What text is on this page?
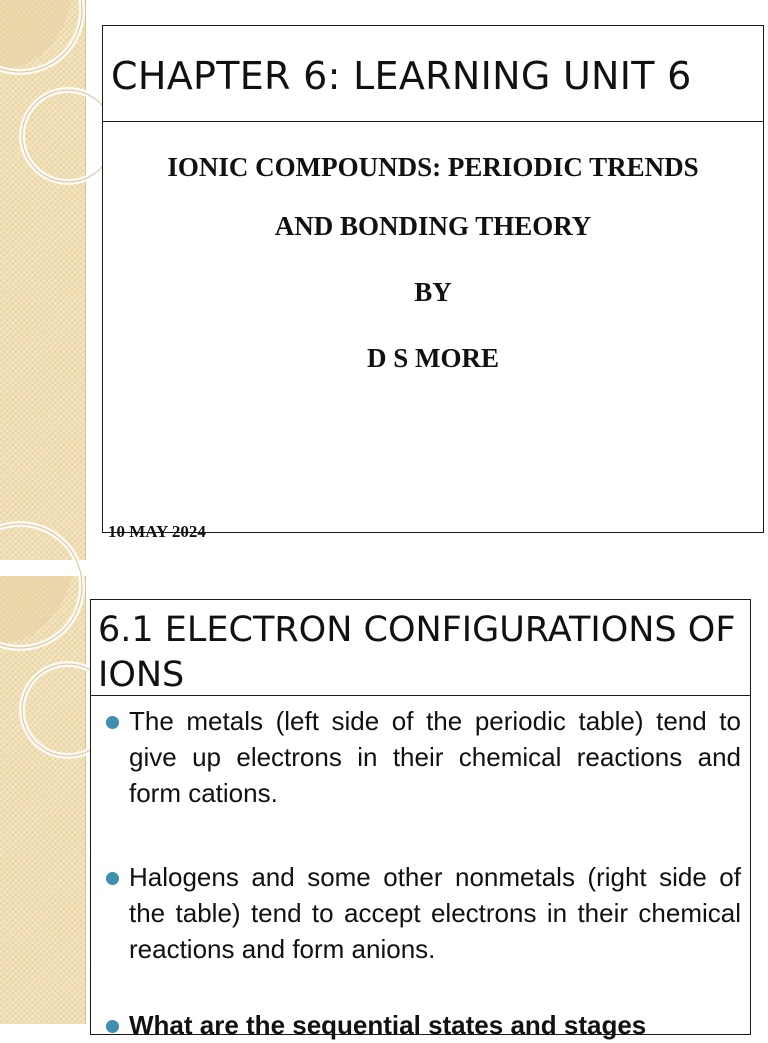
CHAPTER 6: LEARNING UNIT 6
IONIC COMPOUNDS: PERIODIC TRENDS
AND BONDING THEORY
BY
D S MORE
10 MAY 2024
6.1 ELECTRON CONFIGURATIONS OF IONS
The metals (left side of the periodic table) tend to give up electrons in their chemical reactions and form cations.
Halogens and some other nonmetals (right side of the table) tend to accept electrons in their chemical reactions and form anions.
What are the sequential states and stages
